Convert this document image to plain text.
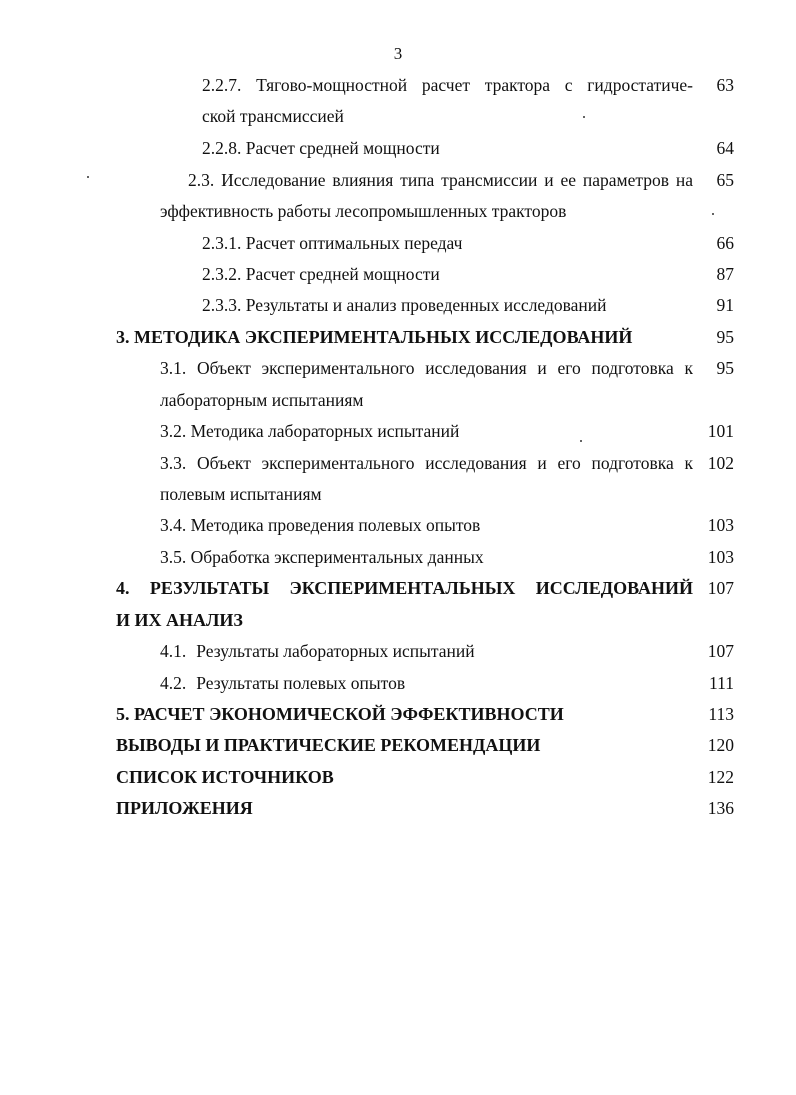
3
2.2.7. Тягово-мощностной расчет трактора с гидростатиче-	63
ской трансмиссией
2.2.8. Расчет средней мощности	64
2.3. Исследование влияния типа трансмиссии и ее параметров на	65
эффективность работы лесопромышленных тракторов
2.3.1. Расчет оптимальных передач	66
2.3.2. Расчет средней мощности	87
2.3.3. Результаты и анализ проведенных исследований	91
3. МЕТОДИКА ЭКСПЕРИМЕНТАЛЬНЫХ ИССЛЕДОВАНИЙ	95
3.1. Объект экспериментального исследования и его подготовка к	95
лабораторным испытаниям
3.2. Методика лабораторных испытаний	101
3.3. Объект экспериментального исследования и его подготовка к 102
полевым испытаниям
3.4. Методика проведения полевых опытов	103
3.5. Обработка экспериментальных данных	103
4. РЕЗУЛЬТАТЫ ЭКСПЕРИМЕНТАЛЬНЫХ ИССЛЕДОВАНИЙ 107
И ИХ АНАЛИЗ
4.1. Результаты лабораторных испытаний	107
4.2. Результаты полевых опытов	111
5. РАСЧЕТ ЭКОНОМИЧЕСКОЙ ЭФФЕКТИВНОСТИ	113
ВЫВОДЫ И ПРАКТИЧЕСКИЕ РЕКОМЕНДАЦИИ	120
СПИСОК ИСТОЧНИКОВ	122
ПРИЛОЖЕНИЯ	136
